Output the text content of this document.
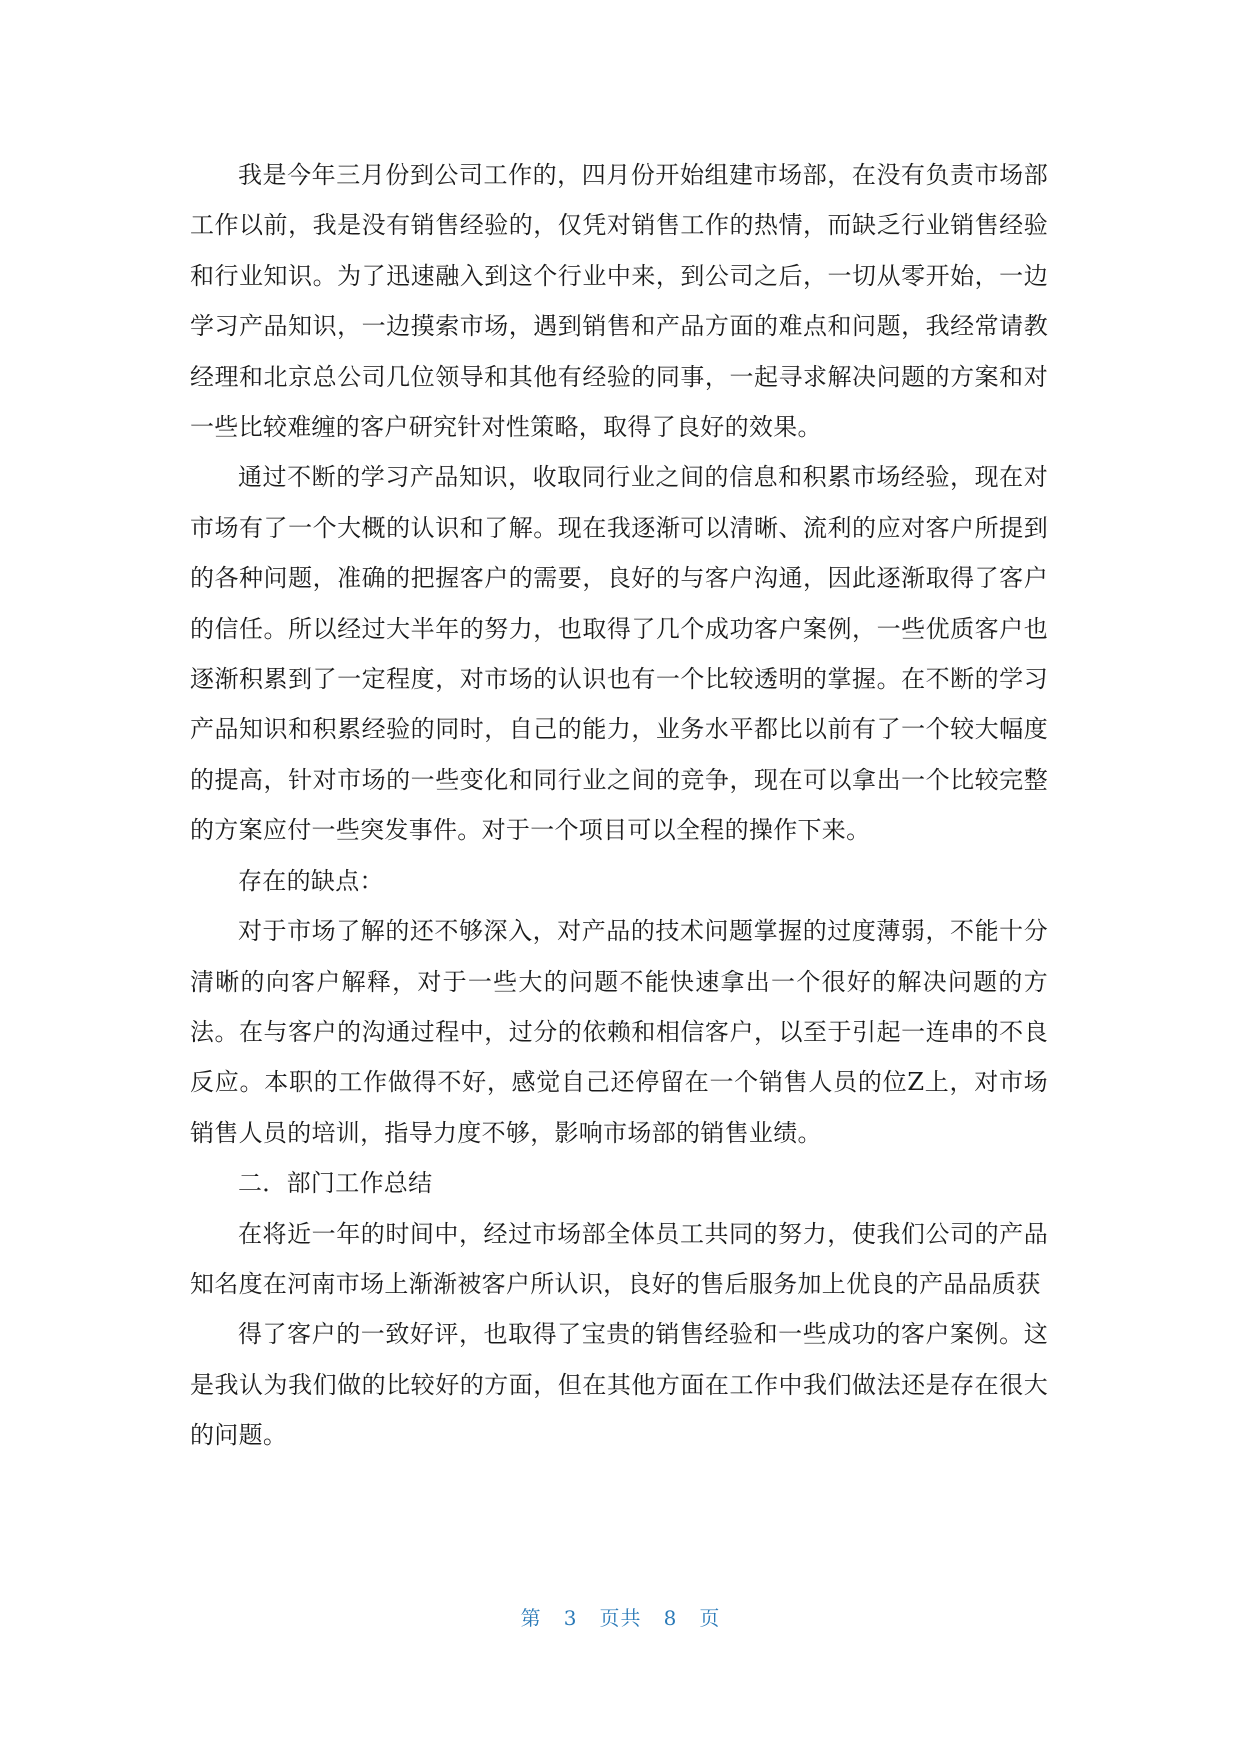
我是今年三月份到公司工作的，四月份开始组建市场部，在没有负责市场部工作以前，我是没有销售经验的，仅凭对销售工作的热情，而缺乏行业销售经验和行业知识。为了迅速融入到这个行业中来，到公司之后，一切从零开始，一边学习产品知识，一边摸索市场，遇到销售和产品方面的难点和问题，我经常请教经理和北京总公司几位领导和其他有经验的同事，一起寻求解决问题的方案和对一些比较难缠的客户研究针对性策略，取得了良好的效果。

通过不断的学习产品知识，收取同行业之间的信息和积累市场经验，现在对市场有了一个大概的认识和了解。现在我逐渐可以清晰、流利的应对客户所提到的各种问题，准确的把握客户的需要，良好的与客户沟通，因此逐渐取得了客户的信任。所以经过大半年的努力，也取得了几个成功客户案例，一些优质客户也逐渐积累到了一定程度，对市场的认识也有一个比较透明的掌握。在不断的学习产品知识和积累经验的同时，自己的能力，业务水平都比以前有了一个较大幅度的提高，针对市场的一些变化和同行业之间的竞争，现在可以拿出一个比较完整的方案应付一些突发事件。对于一个项目可以全程的操作下来。

存在的缺点：

对于市场了解的还不够深入，对产品的技术问题掌握的过度薄弱，不能十分清晰的向客户解释，对于一些大的问题不能快速拿出一个很好的解决问题的方法。在与客户的沟通过程中，过分的依赖和相信客户，以至于引起一连串的不良反应。本职的工作做得不好，感觉自己还停留在一个销售人员的位Z上，对市场销售人员的培训，指导力度不够，影响市场部的销售业绩。

二．部门工作总结

在将近一年的时间中，经过市场部全体员工共同的努力，使我们公司的产品知名度在河南市场上渐渐被客户所认识，良好的售后服务加上优良的产品品质获

得了客户的一致好评，也取得了宝贵的销售经验和一些成功的客户案例。这是我认为我们做的比较好的方面，但在其他方面在工作中我们做法还是存在很大的问题。

第 3 页共 8 页
